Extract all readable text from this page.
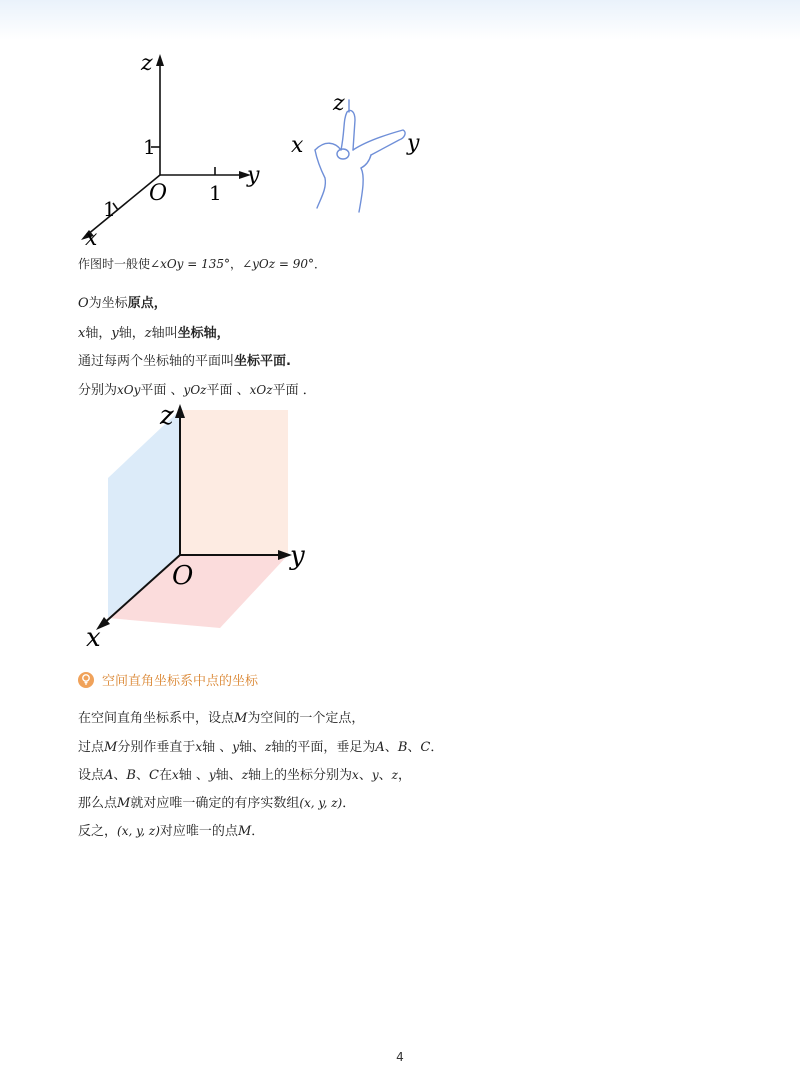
z
y
x
O
1
1
1
z
x	y
作图时一般使∠xOy = 135°，∠yOz = 90°．
O为坐标原点，
x轴，y轴，z轴叫坐标轴，
通过每两个坐标轴的平面叫坐标平面.
分别为xOy平面 、yOz平面 、xOz平面 ．
z
y
x
O
空间直角坐标系中点的坐标
在空间直角坐标系中，设点M为空间的一个定点，
过点M分别作垂直于x轴 、y轴、z轴的平面，垂足为A、B、C．
设点A、B、C在x轴 、y轴、z轴上的坐标分别为x、y、z，
那么点M就对应唯一确定的有序实数组(x, y, z)．
反之，(x, y, z)对应唯一的点M．
4
